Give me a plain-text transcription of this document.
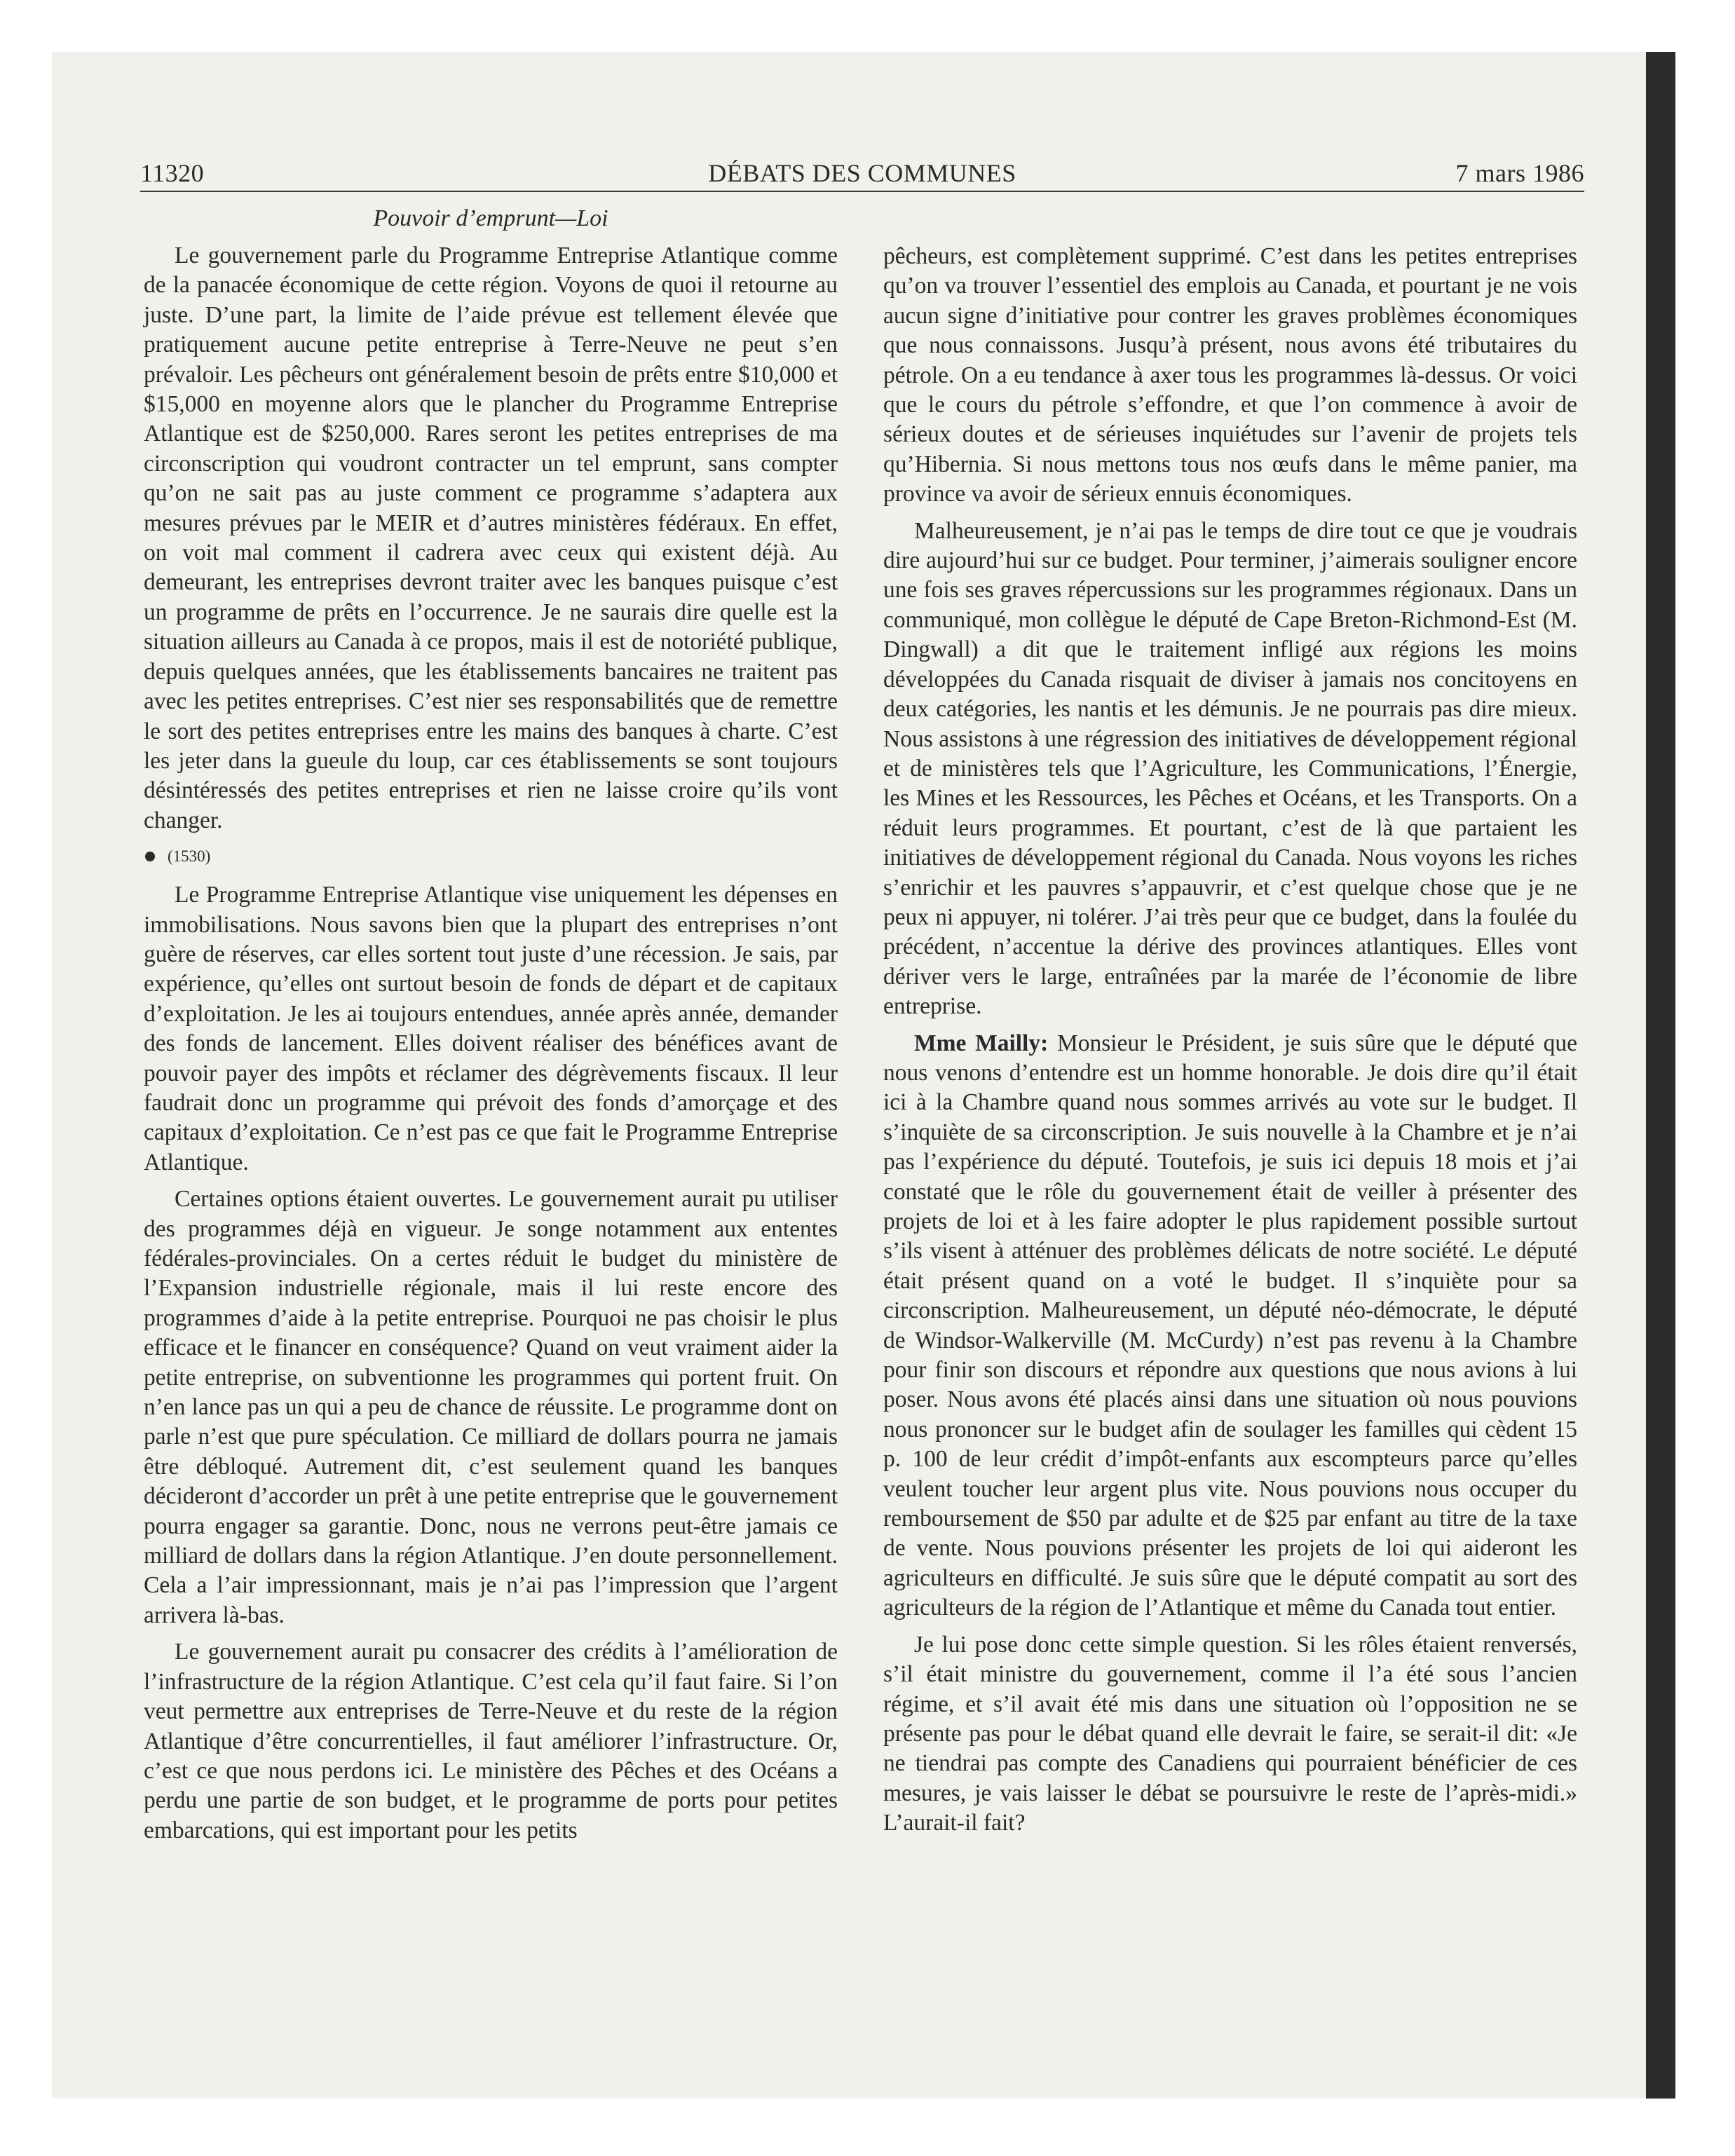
11320	DÉBATS DES COMMUNES	7 mars 1986
Pouvoir d’emprunt—Loi

Le gouvernement parle du Programme Entreprise Atlantique comme de la panacée économique de cette région. Voyons de quoi il retourne au juste. D’une part, la limite de l’aide prévue est tellement élevée que pratiquement aucune petite entreprise à Terre-Neuve ne peut s’en prévaloir. Les pêcheurs ont généralement besoin de prêts entre $10,000 et $15,000 en moyenne alors que le plancher du Programme Entreprise Atlantique est de $250,000. Rares seront les petites entreprises de ma circonscription qui voudront contracter un tel emprunt, sans compter qu’on ne sait pas au juste comment ce programme s’adaptera aux mesures prévues par le MEIR et d’autres ministères fédéraux. En effet, on voit mal comment il cadrera avec ceux qui existent déjà. Au demeurant, les entreprises devront traiter avec les banques puisque c’est un programme de prêts en l’occurrence. Je ne saurais dire quelle est la situation ailleurs au Canada à ce propos, mais il est de notoriété publique, depuis quelques années, que les établissements bancaires ne traitent pas avec les petites entreprises. C’est nier ses responsabilités que de remettre le sort des petites entreprises entre les mains des banques à charte. C’est les jeter dans la gueule du loup, car ces établissements se sont toujours désintéressés des petites entreprises et rien ne laisse croire qu’ils vont changer.

(1530)

Le Programme Entreprise Atlantique vise uniquement les dépenses en immobilisations. Nous savons bien que la plupart des entreprises n’ont guère de réserves, car elles sortent tout juste d’une récession. Je sais, par expérience, qu’elles ont surtout besoin de fonds de départ et de capitaux d’exploitation. Je les ai toujours entendues, année après année, demander des fonds de lancement. Elles doivent réaliser des bénéfices avant de pouvoir payer des impôts et réclamer des dégrèvements fiscaux. Il leur faudrait donc un programme qui prévoit des fonds d’amorçage et des capitaux d’exploitation. Ce n’est pas ce que fait le Programme Entreprise Atlantique.

Certaines options étaient ouvertes. Le gouvernement aurait pu utiliser des programmes déjà en vigueur. Je songe notamment aux ententes fédérales-provinciales. On a certes réduit le budget du ministère de l’Expansion industrielle régionale, mais il lui reste encore des programmes d’aide à la petite entreprise. Pourquoi ne pas choisir le plus efficace et le financer en conséquence? Quand on veut vraiment aider la petite entreprise, on subventionne les programmes qui portent fruit. On n’en lance pas un qui a peu de chance de réussite. Le programme dont on parle n’est que pure spéculation. Ce milliard de dollars pourra ne jamais être débloqué. Autrement dit, c’est seulement quand les banques décideront d’accorder un prêt à une petite entreprise que le gouvernement pourra engager sa garantie. Donc, nous ne verrons peut-être jamais ce milliard de dollars dans la région Atlantique. J’en doute personnellement. Cela a l’air impressionnant, mais je n’ai pas l’impression que l’argent arrivera là-bas.

Le gouvernement aurait pu consacrer des crédits à l’amélioration de l’infrastructure de la région Atlantique. C’est cela qu’il faut faire. Si l’on veut permettre aux entreprises de Terre-Neuve et du reste de la région Atlantique d’être concurrentielles, il faut améliorer l’infrastructure. Or, c’est ce que nous perdons ici. Le ministère des Pêches et des Océans a perdu une partie de son budget, et le programme de ports pour petites embarcations, qui est important pour les petits

pêcheurs, est complètement supprimé. C’est dans les petites entreprises qu’on va trouver l’essentiel des emplois au Canada, et pourtant je ne vois aucun signe d’initiative pour contrer les graves problèmes économiques que nous connaissons. Jusqu’à présent, nous avons été tributaires du pétrole. On a eu tendance à axer tous les programmes là-dessus. Or voici que le cours du pétrole s’effondre, et que l’on commence à avoir de sérieux doutes et de sérieuses inquiétudes sur l’avenir de projets tels qu’Hibernia. Si nous mettons tous nos œufs dans le même panier, ma province va avoir de sérieux ennuis économiques.

Malheureusement, je n’ai pas le temps de dire tout ce que je voudrais dire aujourd’hui sur ce budget. Pour terminer, j’aimerais souligner encore une fois ses graves répercussions sur les programmes régionaux. Dans un communiqué, mon collègue le député de Cape Breton-Richmond-Est (M. Dingwall) a dit que le traitement infligé aux régions les moins développées du Canada risquait de diviser à jamais nos concitoyens en deux catégories, les nantis et les démunis. Je ne pourrais pas dire mieux. Nous assistons à une régression des initiatives de développement régional et de ministères tels que l’Agriculture, les Communications, l’Énergie, les Mines et les Ressources, les Pêches et Océans, et les Transports. On a réduit leurs programmes. Et pourtant, c’est de là que partaient les initiatives de développement régional du Canada. Nous voyons les riches s’enrichir et les pauvres s’appauvrir, et c’est quelque chose que je ne peux ni appuyer, ni tolérer. J’ai très peur que ce budget, dans la foulée du précédent, n’accentue la dérive des provinces atlantiques. Elles vont dériver vers le large, entraînées par la marée de l’économie de libre entreprise.

Mme Mailly: Monsieur le Président, je suis sûre que le député que nous venons d’entendre est un homme honorable. Je dois dire qu’il était ici à la Chambre quand nous sommes arrivés au vote sur le budget. Il s’inquiète de sa circonscription. Je suis nouvelle à la Chambre et je n’ai pas l’expérience du député. Toutefois, je suis ici depuis 18 mois et j’ai constaté que le rôle du gouvernement était de veiller à présenter des projets de loi et à les faire adopter le plus rapidement possible surtout s’ils visent à atténuer des problèmes délicats de notre société. Le député était présent quand on a voté le budget. Il s’inquiète pour sa circonscription. Malheureusement, un député néo-démocrate, le député de Windsor-Walkerville (M. McCurdy) n’est pas revenu à la Chambre pour finir son discours et répondre aux questions que nous avions à lui poser. Nous avons été placés ainsi dans une situation où nous pouvions nous prononcer sur le budget afin de soulager les familles qui cèdent 15 p. 100 de leur crédit d’impôt-enfants aux escompteurs parce qu’elles veulent toucher leur argent plus vite. Nous pouvions nous occuper du remboursement de $50 par adulte et de $25 par enfant au titre de la taxe de vente. Nous pouvions présenter les projets de loi qui aideront les agriculteurs en difficulté. Je suis sûre que le député compatit au sort des agriculteurs de la région de l’Atlantique et même du Canada tout entier.

Je lui pose donc cette simple question. Si les rôles étaient renversés, s’il était ministre du gouvernement, comme il l’a été sous l’ancien régime, et s’il avait été mis dans une situation où l’opposition ne se présente pas pour le débat quand elle devrait le faire, se serait-il dit: «Je ne tiendrai pas compte des Canadiens qui pourraient bénéficier de ces mesures, je vais laisser le débat se poursuivre le reste de l’après-midi.» L’aurait-il fait?
